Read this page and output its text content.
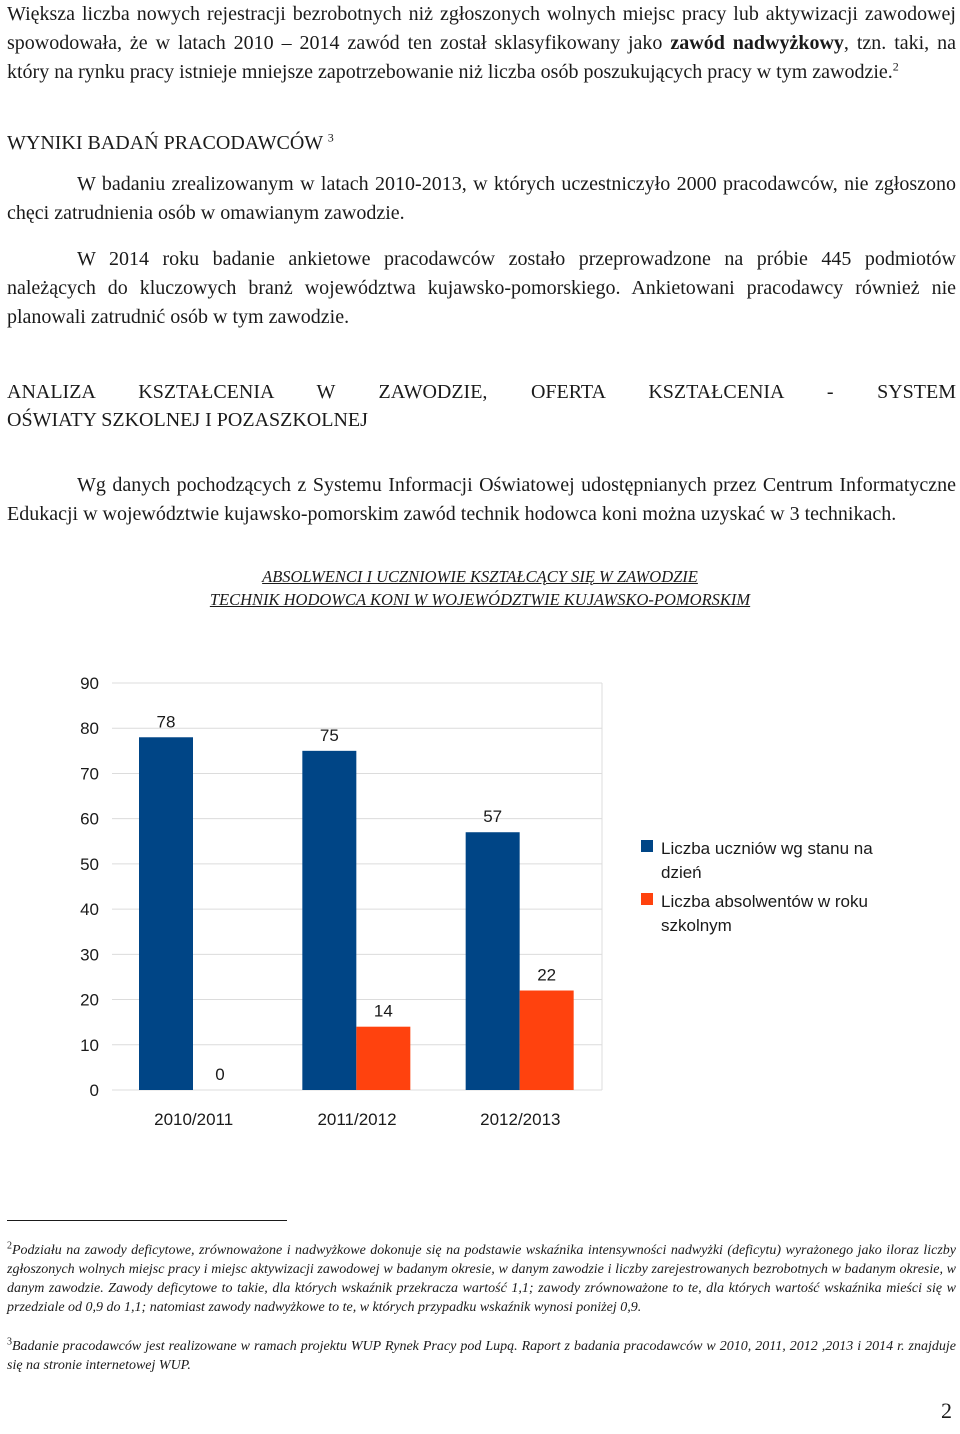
Większa liczba nowych rejestracji bezrobotnych niż zgłoszonych wolnych miejsc pracy lub aktywizacji zawodowej spowodowała, że w latach 2010 – 2014 zawód ten został sklasyfikowany jako zawód nadwyżkowy, tzn. taki, na który na rynku pracy istnieje mniejsze zapotrzebowanie niż liczba osób poszukujących pracy w tym zawodzie.$^2$

WYNIKI BADAŃ PRACODAWCÓW $^3$

W badaniu zrealizowanym w latach 2010-2013, w których uczestniczyło 2000 pracodawców, nie zgłoszono chęci zatrudnienia osób w omawianym zawodzie.

W 2014 roku badanie ankietowe pracodawców zostało przeprowadzone na próbie 445 podmiotów należących do kluczowych branż województwa kujawsko-pomorskiego. Ankietowani pracodawcy również nie planowali zatrudnić osób w tym zawodzie.

ANALIZA KSZTAŁCENIA W ZAWODZIE, OFERTA KSZTAŁCENIA - SYSTEM

OŚWIATY SZKOLNEJ I POZASZKOLNEJ

Wg danych pochodzących z Systemu Informacji Oświatowej udostępnianych przez Centrum Informatyczne Edukacji w województwie kujawsko-pomorskim zawód technik hodowca koni można uzyskać w 3 technikach.

ABSOLWENCI I UCZNIOWIE KSZTAŁCĄCY SIĘ W ZAWODZIE

TECHNIK HODOWCA KONI W WOJEWÓDZTWIE KUJAWSKO-POMORSKIM

0
10
20
30
40
50
60
70
80
90
78
0
2010/2011
75
14
2011/2012
57
22
2012/2013
Liczba uczniów wg stanu na dzień
Liczba absolwentów w roku szkolnym

$^2$Podziału na zawody deficytowe, zrównoważone i nadwyżkowe dokonuje się na podstawie wskaźnika intensywności nadwyżki (deficytu) wyrażonego jako iloraz liczby zgłoszonych wolnych miejsc pracy i miejsc aktywizacji zawodowej w badanym okresie, w danym zawodzie i liczby zarejestrowanych bezrobotnych w badanym okresie, w danym zawodzie. Zawody deficytowe to takie, dla których wskaźnik przekracza wartość 1,1; zawody zrównoważone to te, dla których wartość wskaźnika mieści się w przedziale od 0,9 do 1,1; natomiast zawody nadwyżkowe to te, w których przypadku wskaźnik wynosi poniżej 0,9.

$^3$Badanie pracodawców jest realizowane w ramach projektu WUP Rynek Pracy pod Lupą. Raport z badania pracodawców w 2010, 2011, 2012 ,2013 i 2014 r. znajduje się na stronie internetowej WUP.

2
